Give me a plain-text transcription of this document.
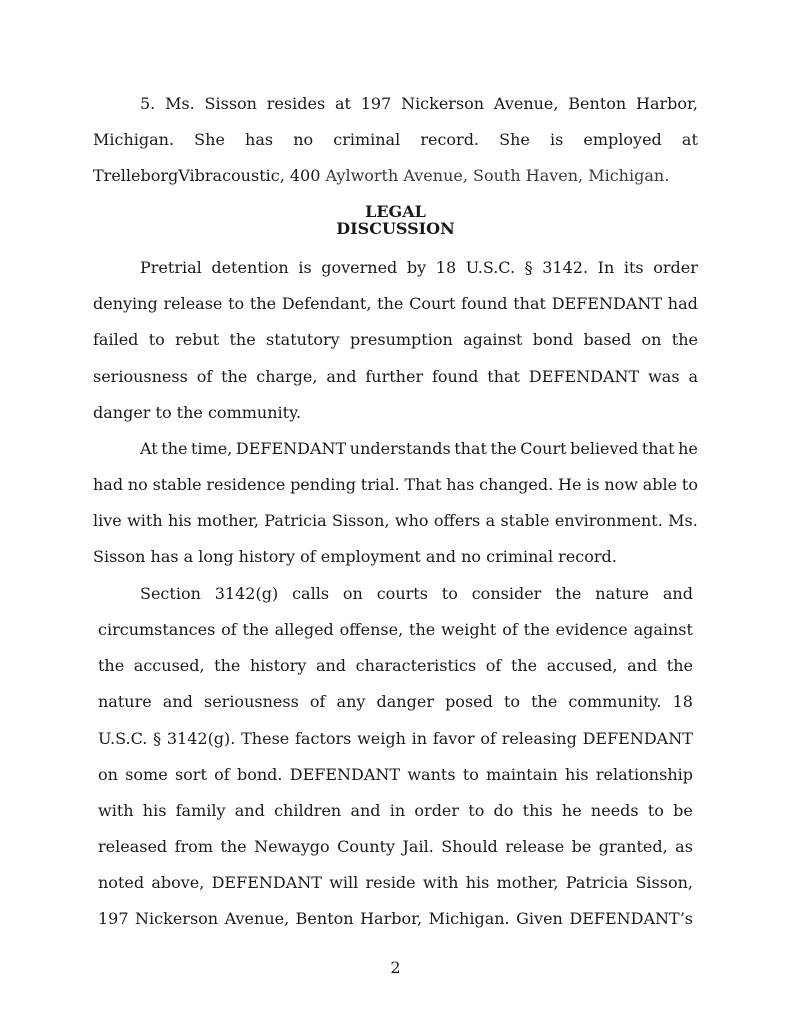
5. Ms. Sisson resides at 197 Nickerson Avenue, Benton Harbor,
Michigan. She has no criminal record. She is employed at
TrelleborgVibracoustic, 400 Aylworth Avenue, South Haven, Michigan.
LEGAL
DISCUSSION
Pretrial detention is governed by 18 U.S.C. § 3142. In its order
denying release to the Defendant, the Court found that DEFENDANT had
failed to rebut the statutory presumption against bond based on the
seriousness of the charge, and further found that DEFENDANT was a
danger to the community.
At the time, DEFENDANT understands that the Court believed that he
had no stable residence pending trial. That has changed. He is now able to
live with his mother, Patricia Sisson, who offers a stable environment. Ms.
Sisson has a long history of employment and no criminal record.
Section 3142(g) calls on courts to consider the nature and
circumstances of the alleged offense, the weight of the evidence against
the accused, the history and characteristics of the accused, and the
nature and seriousness of any danger posed to the community. 18
U.S.C. § 3142(g). These factors weigh in favor of releasing DEFENDANT
on some sort of bond. DEFENDANT wants to maintain his relationship
with his family and children and in order to do this he needs to be
released from the Newaygo County Jail. Should release be granted, as
noted above, DEFENDANT will reside with his mother, Patricia Sisson,
197 Nickerson Avenue, Benton Harbor, Michigan. Given DEFENDANT’s
2
